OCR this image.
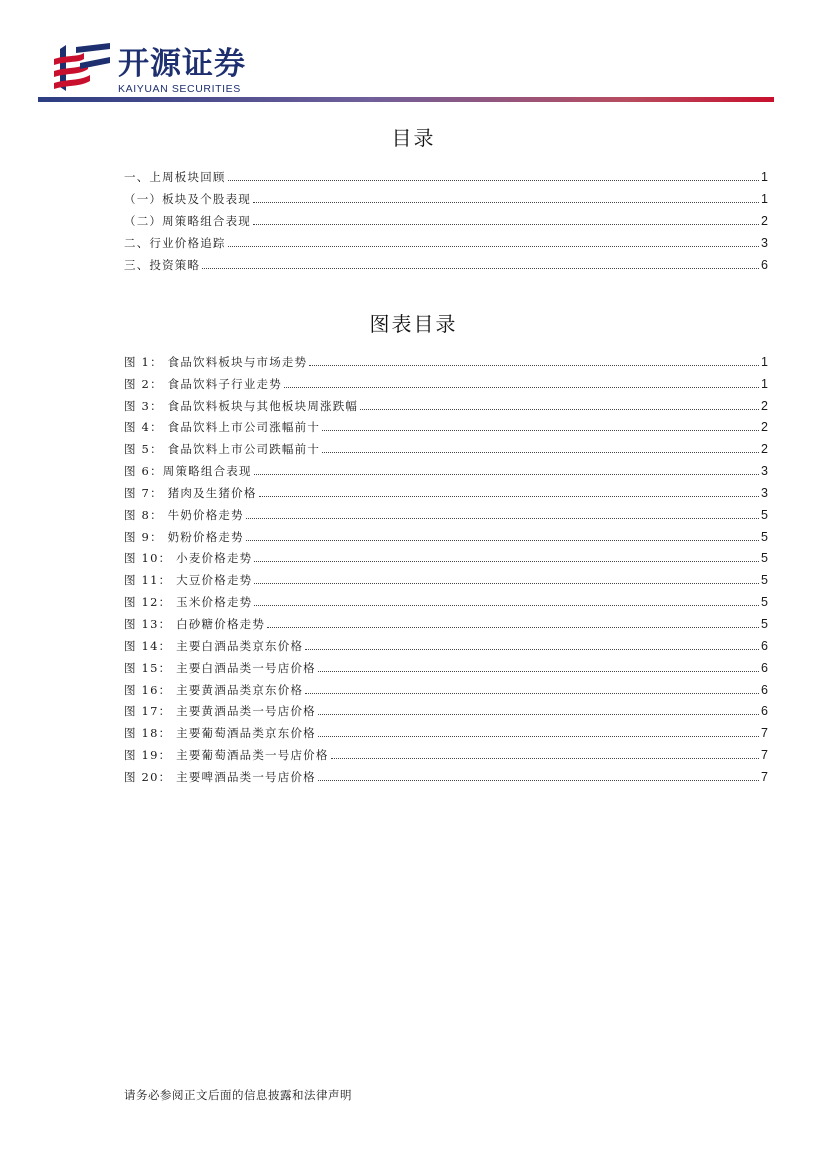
开源证券
KAIYUAN SECURITIES
目录
一、上周板块回顾	1
（一）板块及个股表现	1
（二）周策略组合表现	2
二、行业价格追踪	3
三、投资策略	6
图表目录
图 1： 食品饮料板块与市场走势	1
图 2： 食品饮料子行业走势	1
图 3： 食品饮料板块与其他板块周涨跌幅	2
图 4： 食品饮料上市公司涨幅前十	2
图 5： 食品饮料上市公司跌幅前十	2
图 6：周策略组合表现	3
图 7： 猪肉及生猪价格	3
图 8： 牛奶价格走势	5
图 9： 奶粉价格走势	5
图 10： 小麦价格走势	5
图 11： 大豆价格走势	5
图 12： 玉米价格走势	5
图 13： 白砂糖价格走势	5
图 14： 主要白酒品类京东价格	6
图 15： 主要白酒品类一号店价格	6
图 16： 主要黄酒品类京东价格	6
图 17： 主要黄酒品类一号店价格	6
图 18： 主要葡萄酒品类京东价格	7
图 19： 主要葡萄酒品类一号店价格	7
图 20： 主要啤酒品类一号店价格	7
请务必参阅正文后面的信息披露和法律声明
